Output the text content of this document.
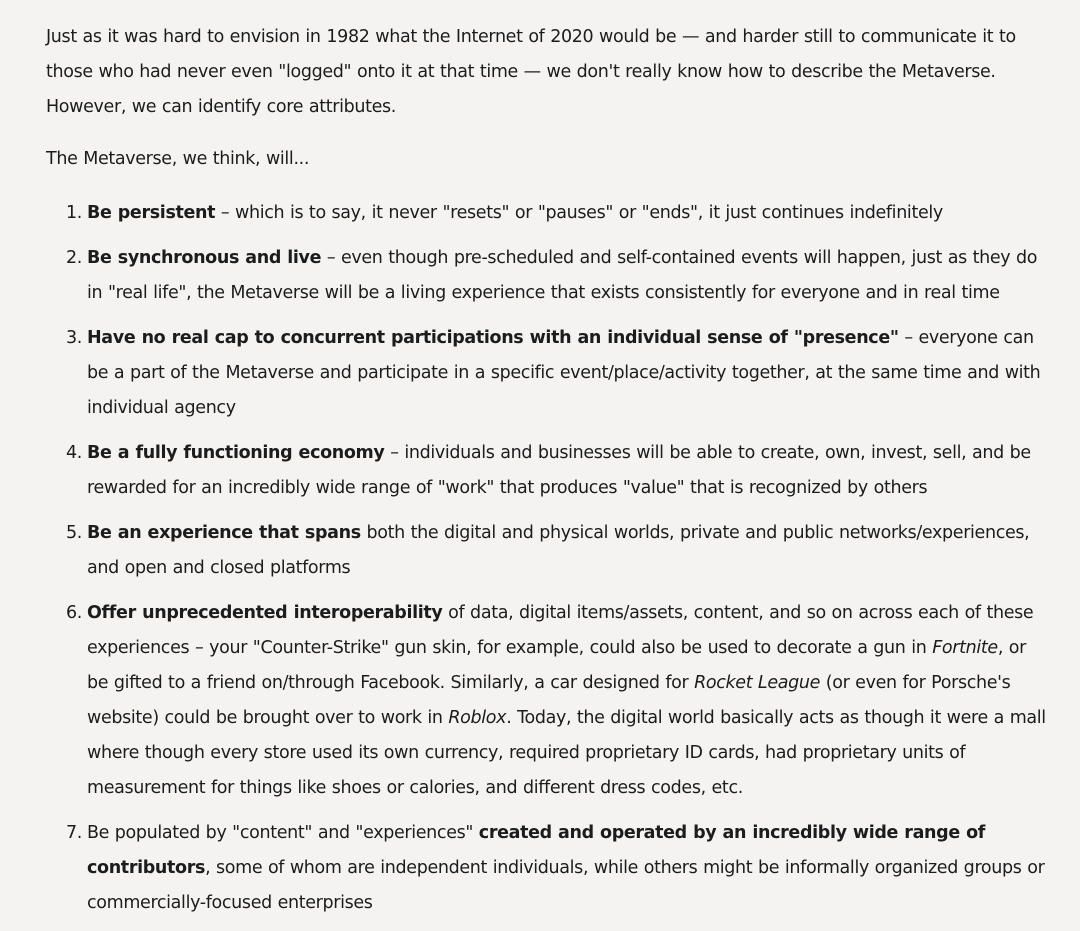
Just as it was hard to envision in 1982 what the Internet of 2020 would be — and harder still to communicate it to those who had never even "logged" onto it at that time — we don't really know how to describe the Metaverse. However, we can identify core attributes.

The Metaverse, we think, will...

1. Be persistent – which is to say, it never "resets" or "pauses" or "ends", it just continues indefinitely
2. Be synchronous and live – even though pre-scheduled and self-contained events will happen, just as they do in "real life", the Metaverse will be a living experience that exists consistently for everyone and in real time
3. Have no real cap to concurrent participations with an individual sense of "presence" – everyone can be a part of the Metaverse and participate in a specific event/place/activity together, at the same time and with individual agency
4. Be a fully functioning economy – individuals and businesses will be able to create, own, invest, sell, and be rewarded for an incredibly wide range of "work" that produces "value" that is recognized by others
5. Be an experience that spans both the digital and physical worlds, private and public networks/experiences, and open and closed platforms
6. Offer unprecedented interoperability of data, digital items/assets, content, and so on across each of these experiences – your "Counter-Strike" gun skin, for example, could also be used to decorate a gun in Fortnite, or be gifted to a friend on/through Facebook. Similarly, a car designed for Rocket League (or even for Porsche's website) could be brought over to work in Roblox. Today, the digital world basically acts as though it were a mall where though every store used its own currency, required proprietary ID cards, had proprietary units of measurement for things like shoes or calories, and different dress codes, etc.
7. Be populated by "content" and "experiences" created and operated by an incredibly wide range of contributors, some of whom are independent individuals, while others might be informally organized groups or commercially-focused enterprises
